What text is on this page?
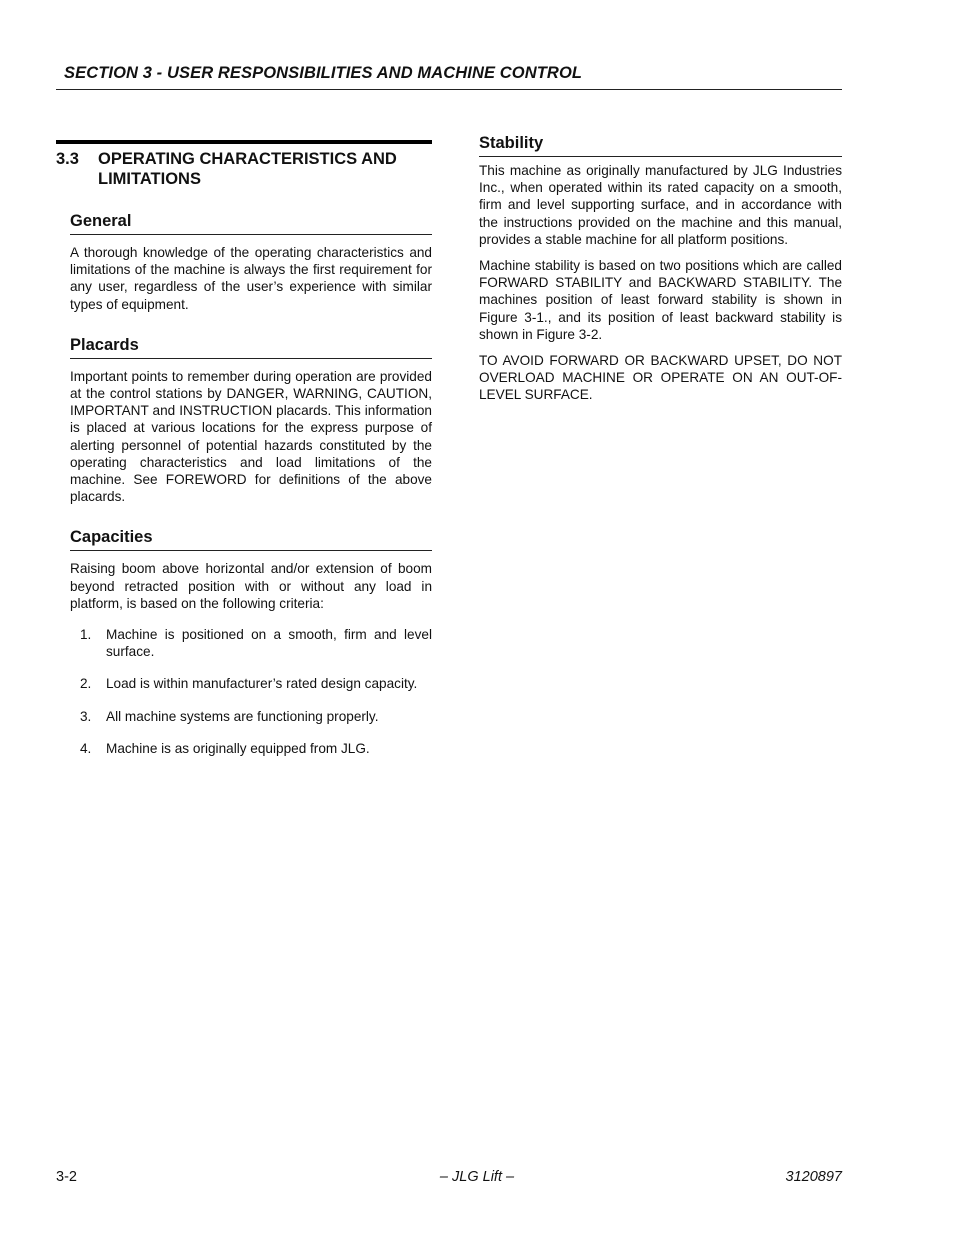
SECTION 3 - USER RESPONSIBILITIES AND MACHINE CONTROL
3.3	OPERATING CHARACTERISTICS AND
LIMITATIONS
General

A thorough knowledge of the operating characteristics and limitations of the machine is always the first requirement for any user, regardless of the user’s experience with similar types of equipment.

Placards

Important points to remember during operation are provided at the control stations by DANGER, WARNING, CAUTION, IMPORTANT and INSTRUCTION placards. This information is placed at various locations for the express purpose of alerting personnel of potential hazards constituted by the operating characteristics and load limitations of the machine. See FOREWORD for definitions of the above placards.

Capacities

Raising boom above horizontal and/or extension of boom beyond retracted position with or without any load in platform, is based on the following criteria:

1.	Machine is positioned on a smooth, firm and level surface.
2.	Load is within manufacturer’s rated design capacity.
3.	All machine systems are functioning properly.
4.	Machine is as originally equipped from JLG.
Stability

This machine as originally manufactured by JLG Industries Inc., when operated within its rated capacity on a smooth, firm and level supporting surface, and in accordance with the instructions provided on the machine and this manual, provides a stable machine for all platform positions.

Machine stability is based on two positions which are called FORWARD STABILITY and BACKWARD STABILITY. The machines position of least forward stability is shown in Figure 3-1., and its position of least backward stability is shown in Figure 3-2.

TO AVOID FORWARD OR BACKWARD UPSET, DO NOT OVERLOAD MACHINE OR OPERATE ON AN OUT-OF-LEVEL SURFACE.

3-2	– JLG Lift –	3120897
